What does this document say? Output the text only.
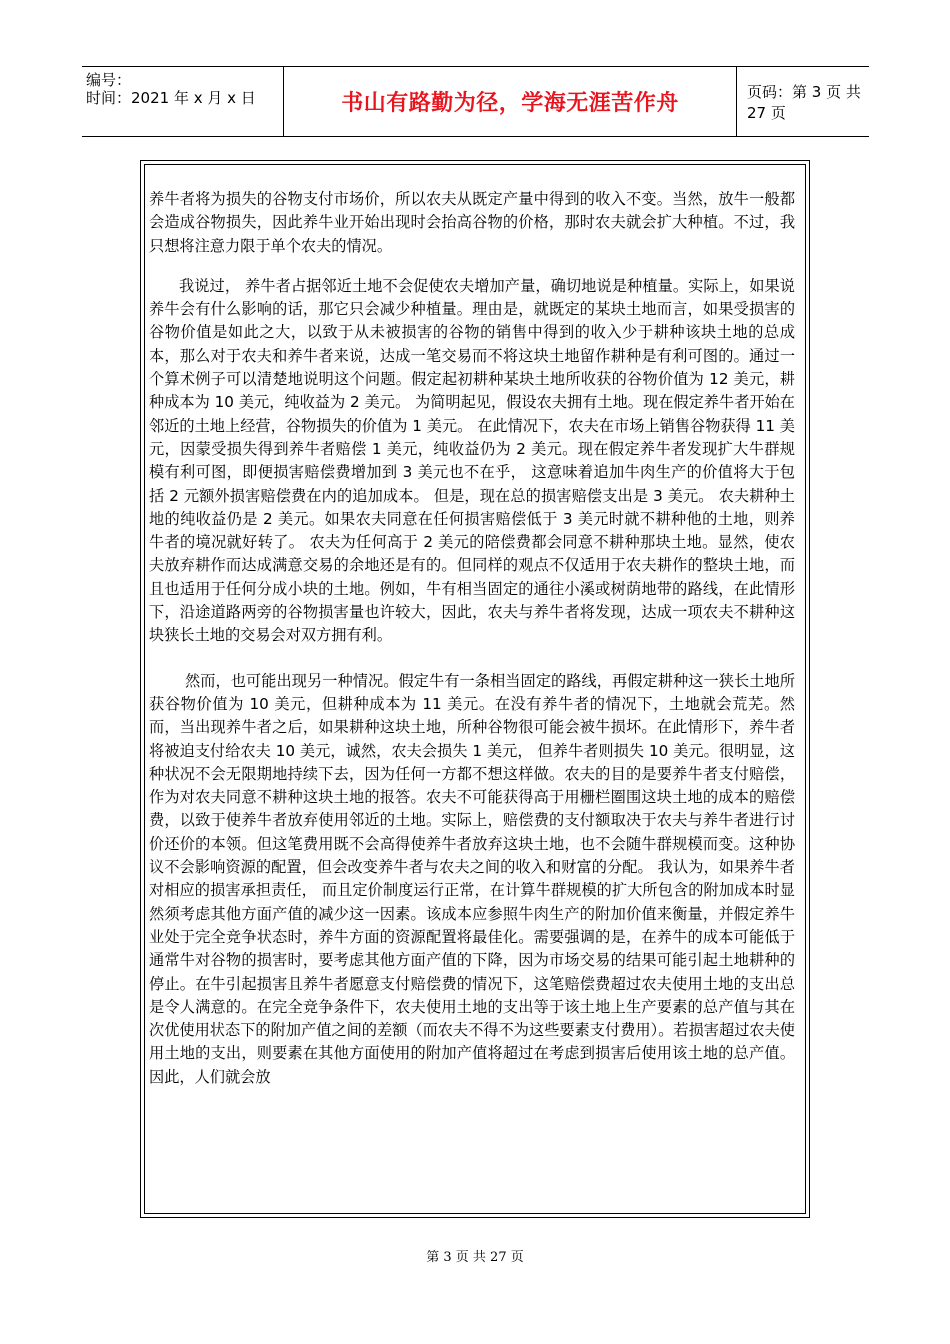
编号：
时间：2021 年 x 月 x 日	书山有路勤为径，学海无涯苦作舟	页码：第 3 页 共 27 页

养牛者将为损失的谷物支付市场价，所以农夫从既定产量中得到的收入不变。当然，放牛一般都会造成谷物损失，因此养牛业开始出现时会抬高谷物的价格，那时农夫就会扩大种植。不过，我只想将注意力限于单个农夫的情况。

我说过， 养牛者占据邻近土地不会促使农夫增加产量，确切地说是种植量。实际上，如果说养牛会有什么影响的话，那它只会减少种植量。理由是，就既定的某块土地而言，如果受损害的谷物价值是如此之大，以致于从未被损害的谷物的销售中得到的收入少于耕种该块土地的总成本，那么对于农夫和养牛者来说，达成一笔交易而不将这块土地留作耕种是有利可图的。通过一个算术例子可以清楚地说明这个问题。假定起初耕种某块土地所收获的谷物价值为 12 美元，耕种成本为 10 美元，纯收益为 2 美元。 为简明起见，假设农夫拥有土地。现在假定养牛者开始在邻近的土地上经营，谷物损失的价值为 1 美元。 在此情况下，农夫在市场上销售谷物获得 11 美元，因蒙受损失得到养牛者赔偿 1 美元，纯收益仍为 2 美元。现在假定养牛者发现扩大牛群规模有利可图，即便损害赔偿费增加到 3 美元也不在乎， 这意味着追加牛肉生产的价值将大于包括 2 元额外损害赔偿费在内的追加成本。 但是，现在总的损害赔偿支出是 3 美元。 农夫耕种土地的纯收益仍是 2 美元。如果农夫同意在任何损害赔偿低于 3 美元时就不耕种他的土地，则养牛者的境况就好转了。 农夫为任何高于 2 美元的陪偿费都会同意不耕种那块土地。显然，使农夫放弃耕作而达成满意交易的余地还是有的。但同样的观点不仅适用于农夫耕作的整块土地，而且也适用于任何分成小块的土地。例如，牛有相当固定的通往小溪或树荫地带的路线，在此情形下，沿途道路两旁的谷物损害量也许较大，因此，农夫与养牛者将发现，达成一项农夫不耕种这块狭长土地的交易会对双方拥有利。

然而，也可能出现另一种情况。假定牛有一条相当固定的路线，再假定耕种这一狭长土地所获谷物价值为 10 美元，但耕种成本为 11 美元。在没有养牛者的情况下，土地就会荒芜。然而，当出现养牛者之后，如果耕种这块土地，所种谷物很可能会被牛损坏。在此情形下，养牛者将被迫支付给农夫 10 美元，诚然，农夫会损失 1 美元， 但养牛者则损失 10 美元。很明显，这种状况不会无限期地持续下去，因为任何一方都不想这样做。农夫的目的是要养牛者支付赔偿，作为对农夫同意不耕种这块土地的报答。农夫不可能获得高于用栅栏圈围这块土地的成本的赔偿费，以致于使养牛者放弃使用邻近的土地。实际上，赔偿费的支付额取决于农夫与养牛者进行讨价还价的本领。但这笔费用既不会高得使养牛者放弃这块土地，也不会随牛群规模而变。这种协议不会影响资源的配置，但会改变养牛者与农夫之间的收入和财富的分配。 我认为，如果养牛者对相应的损害承担责任， 而且定价制度运行正常，在计算牛群规模的扩大所包含的附加成本时显然须考虑其他方面产值的减少这一因素。该成本应参照牛肉生产的附加价值来衡量，并假定养牛业处于完全竞争状态时，养牛方面的资源配置将最佳化。需要强调的是，在养牛的成本可能低于通常牛对谷物的损害时，要考虑其他方面产值的下降，因为市场交易的结果可能引起土地耕种的停止。在牛引起损害且养牛者愿意支付赔偿费的情况下，这笔赔偿费超过农夫使用土地的支出总是令人满意的。在完全竞争条件下，农夫使用土地的支出等于该土地上生产要素的总产值与其在次优使用状态下的附加产值之间的差额（而农夫不得不为这些要素支付费用）。若损害超过农夫使用土地的支出，则要素在其他方面使用的附加产值将超过在考虑到损害后使用该土地的总产值。因此，人们就会放

第 3 页 共 27 页
